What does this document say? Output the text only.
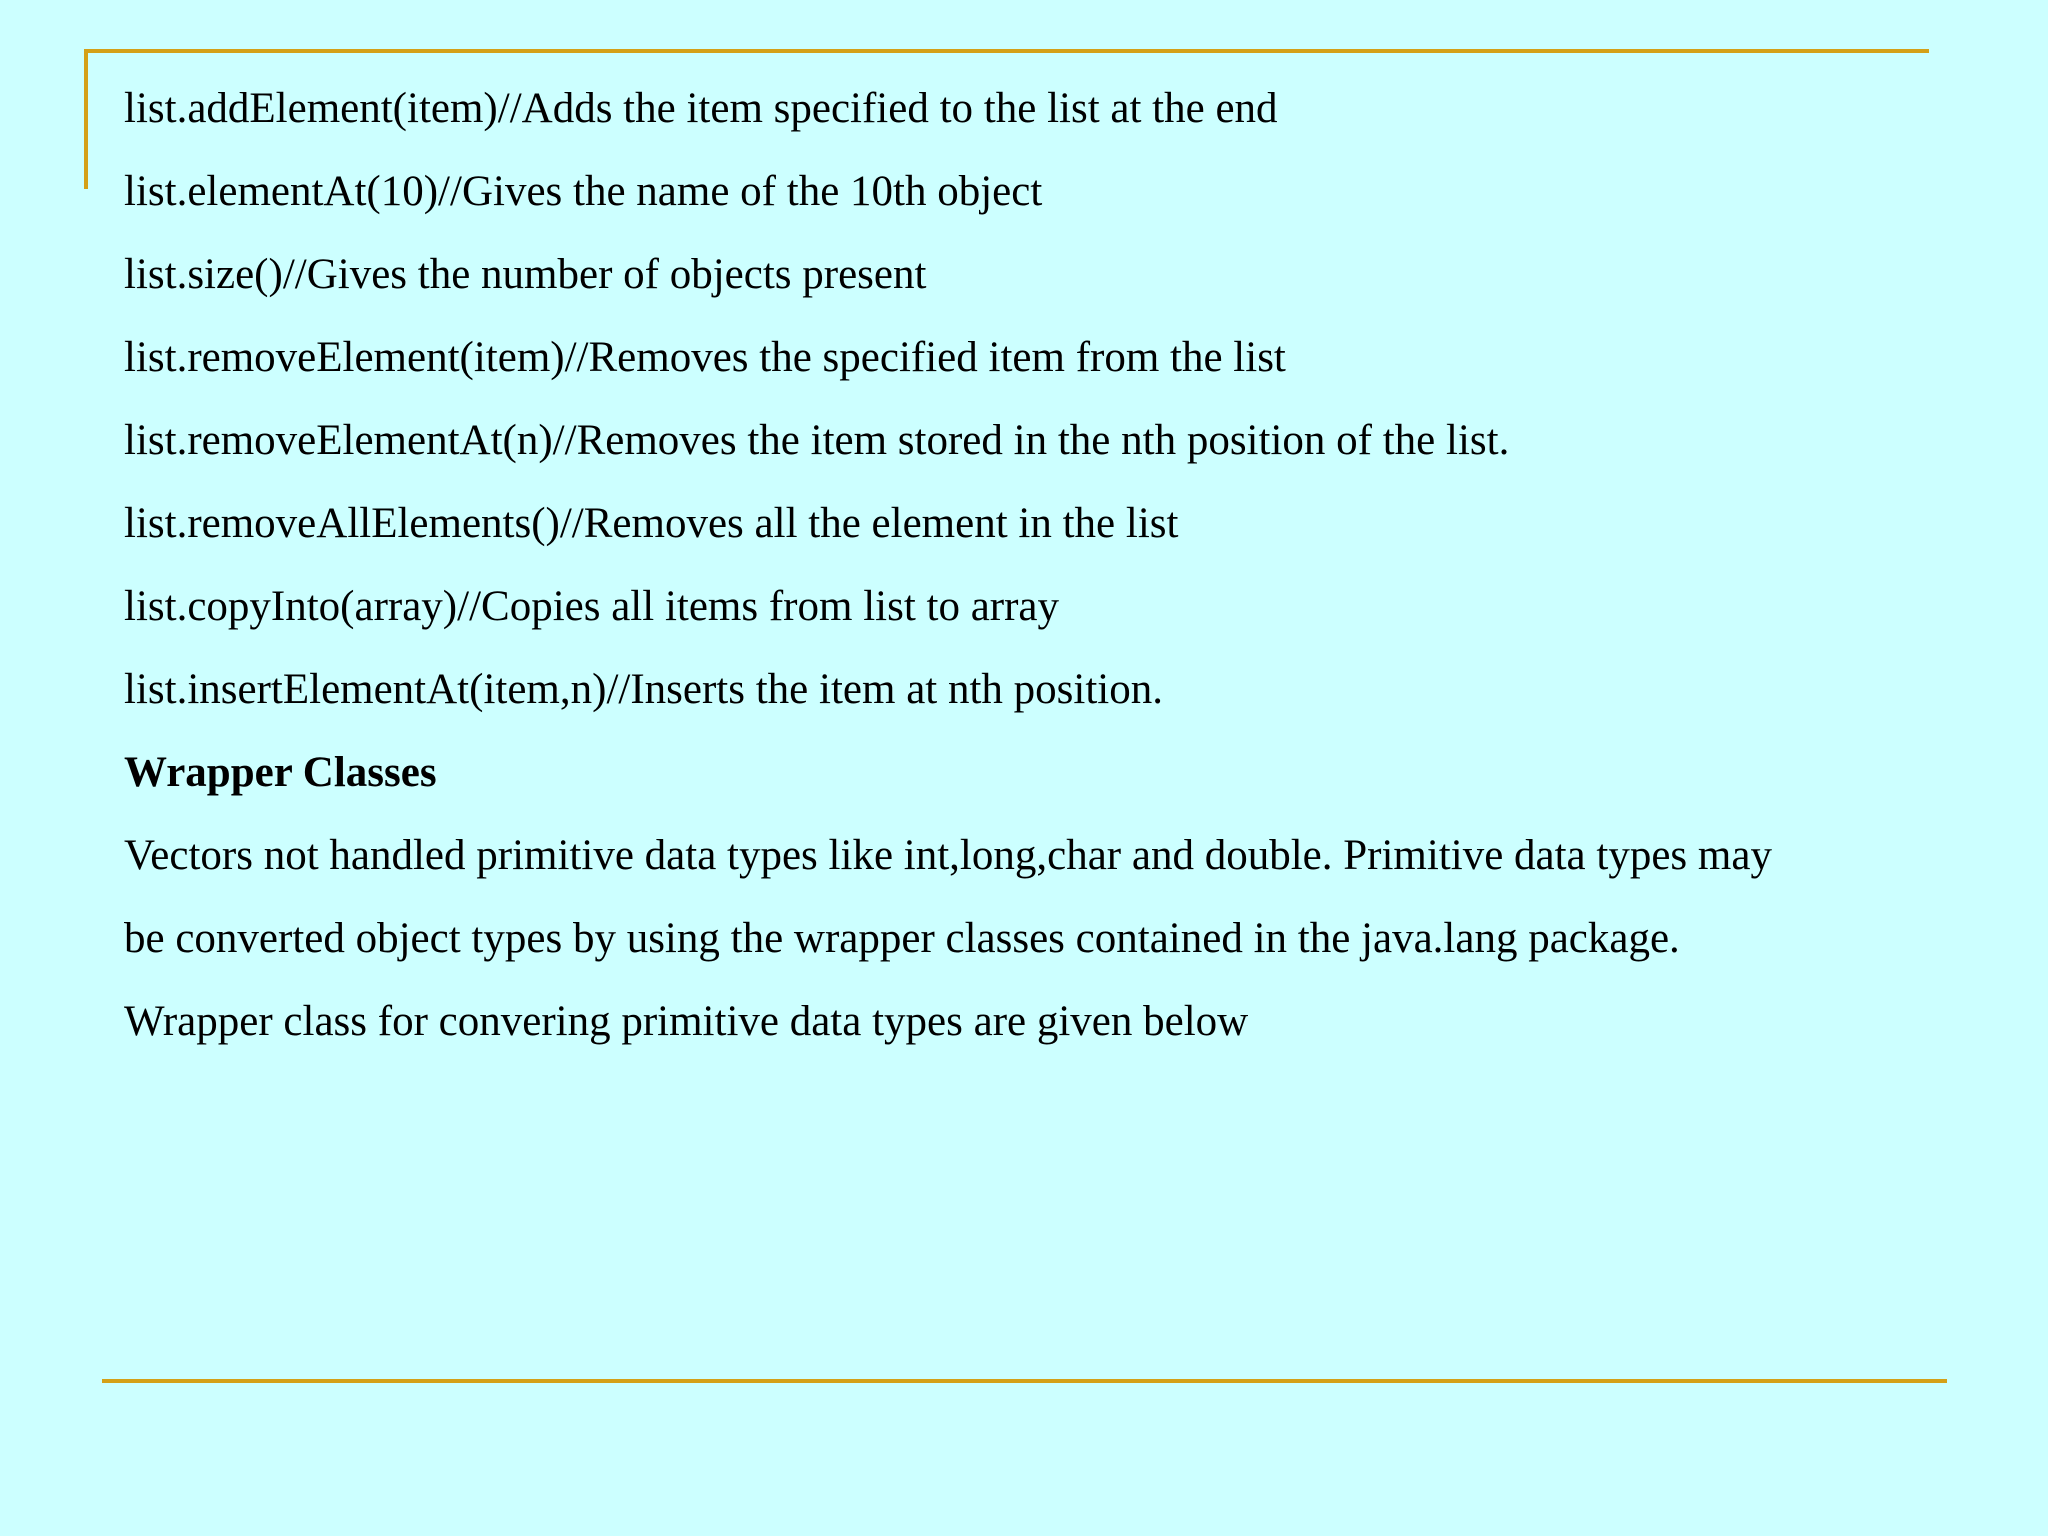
list.addElement(item)//Adds the item specified to the list at the end
list.elementAt(10)//Gives the name of the 10th object
list.size()//Gives the number of objects present
list.removeElement(item)//Removes the specified item from the list
list.removeElementAt(n)//Removes the item stored in the nth position of the list.
list.removeAllElements()//Removes all the element in the list
list.copyInto(array)//Copies all items from list to array
list.insertElementAt(item,n)//Inserts the item at nth position.
Wrapper Classes
Vectors not handled primitive data types like int,long,char and double. Primitive data types may
be converted object types by using the wrapper classes contained in the java.lang package.
Wrapper class for convering primitive data types are given below
